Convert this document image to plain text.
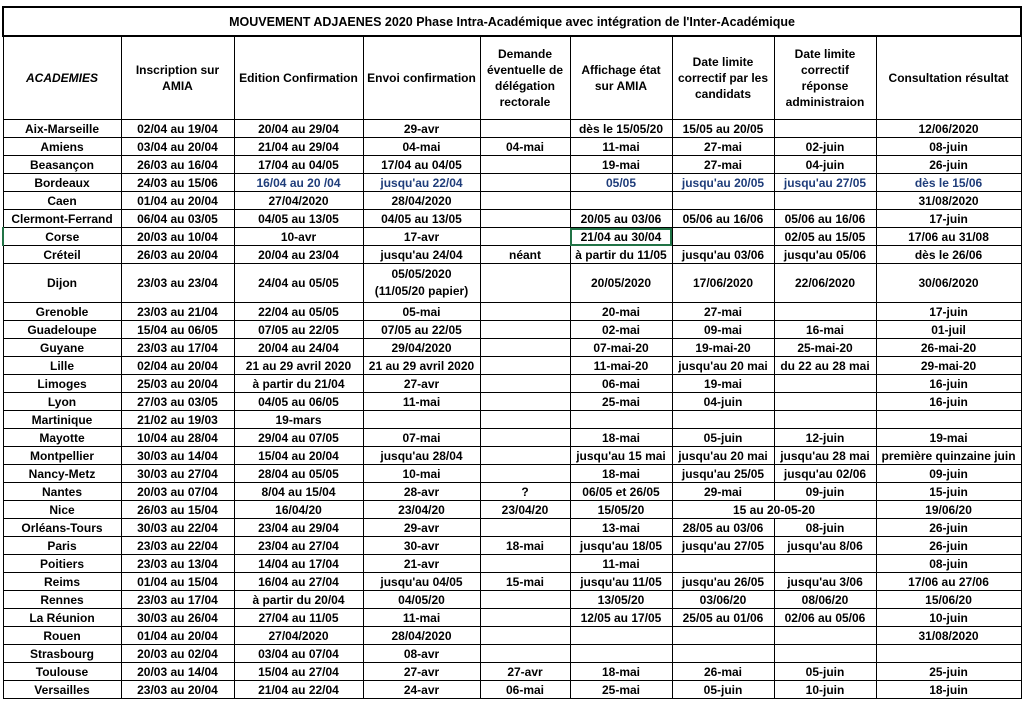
MOUVEMENT ADJAENES 2020 Phase Intra-Académique avec intégration de l'Inter-Académique								
ACADEMIES	Inscription sur AMIA	Edition Confirmation	Envoi confirmation	Demande éventuelle de délégation rectorale	Affichage état sur AMIA	Date limite correctif par les candidats	Date limite correctif réponse administraion	Consultation résultat
Aix-Marseille	02/04 au 19/04	20/04 au 29/04	29-avr		dès le 15/05/20	15/05 au 20/05		12/06/2020
Amiens	03/04 au 20/04	21/04 au 29/04	04-mai	04-mai	11-mai	27-mai	02-juin	08-juin
Beasançon	26/03 au 16/04	17/04 au 04/05	17/04 au 04/05		19-mai	27-mai	04-juin	26-juin
Bordeaux	24/03 au 15/06	16/04 au 20 /04	jusqu'au 22/04		05/05	jusqu'au 20/05	jusqu'au 27/05	dès le 15/06
Caen	01/04 au 20/04	27/04/2020	28/04/2020					31/08/2020
Clermont-Ferrand	06/04 au 03/05	04/05 au 13/05	04/05 au 13/05		20/05 au 03/06	05/06 au 16/06	05/06 au 16/06	17-juin
Corse	20/03 au 10/04	10-avr	17-avr		21/04 au 30/04		02/05 au 15/05	17/06 au 31/08
Créteil	26/03 au 20/04	20/04 au 23/04	jusqu'au 24/04	néant	à partir du 11/05	jusqu'au 03/06	jusqu'au 05/06	dès le 26/06
Dijon	23/03 au 23/04	24/04 au 05/05	05/05/2020 (11/05/20 papier)		20/05/2020	17/06/2020	22/06/2020	30/06/2020
Grenoble	23/03 au 21/04	22/04 au 05/05	05-mai		20-mai	27-mai		17-juin
Guadeloupe	15/04 au 06/05	07/05 au 22/05	07/05 au 22/05		02-mai	09-mai	16-mai	01-juil
Guyane	23/03 au 17/04	20/04 au 24/04	29/04/2020		07-mai-20	19-mai-20	25-mai-20	26-mai-20
Lille	02/04 au 20/04	21 au 29 avril 2020	21 au 29 avril 2020		11-mai-20	jusqu'au 20 mai	du 22 au 28 mai	29-mai-20
Limoges	25/03 au 20/04	à partir du 21/04	27-avr		06-mai	19-mai		16-juin
Lyon	27/03 au 03/05	04/05 au 06/05	11-mai		25-mai	04-juin		16-juin
Martinique	21/02 au 19/03	19-mars						
Mayotte	10/04 au 28/04	29/04 au 07/05	07-mai		18-mai	05-juin	12-juin	19-mai
Montpellier	30/03 au 14/04	15/04 au 20/04	jusqu'au 28/04		jusqu'au 15 mai	jusqu'au 20 mai	jusqu'au 28 mai	première quinzaine juin
Nancy-Metz	30/03 au 27/04	28/04 au 05/05	10-mai		18-mai	jusqu'au 25/05	jusqu'au 02/06	09-juin
Nantes	20/03 au 07/04	8/04 au 15/04	28-avr	?	06/05 et 26/05	29-mai	09-juin	15-juin
Nice	26/03 au 15/04	16/04/20	23/04/20	23/04/20	15/05/20	15 au 20-05-20		19/06/20
Orléans-Tours	30/03 au 22/04	23/04 au 29/04	29-avr		13-mai	28/05 au 03/06	08-juin	26-juin
Paris	23/03 au 22/04	23/04 au 27/04	30-avr	18-mai	jusqu'au 18/05	jusqu'au 27/05	jusqu'au 8/06	26-juin
Poitiers	23/03 au 13/04	14/04 au 17/04	21-avr		11-mai			08-juin
Reims	01/04 au 15/04	16/04 au 27/04	jusqu'au 04/05	15-mai	jusqu'au 11/05	jusqu'au 26/05	jusqu'au 3/06	17/06 au 27/06
Rennes	23/03 au 17/04	à partir du 20/04	04/05/20		13/05/20	03/06/20	08/06/20	15/06/20
La Réunion	30/03 au 26/04	27/04 au 11/05	11-mai		12/05 au 17/05	25/05 au 01/06	02/06 au 05/06	10-juin
Rouen	01/04 au 20/04	27/04/2020	28/04/2020					31/08/2020
Strasbourg	20/03 au 02/04	03/04 au 07/04	08-avr					
Toulouse	20/03 au 14/04	15/04 au 27/04	27-avr	27-avr	18-mai	26-mai	05-juin	25-juin
Versailles	23/03 au 20/04	21/04 au 22/04	24-avr	06-mai	25-mai	05-juin	10-juin	18-juin
